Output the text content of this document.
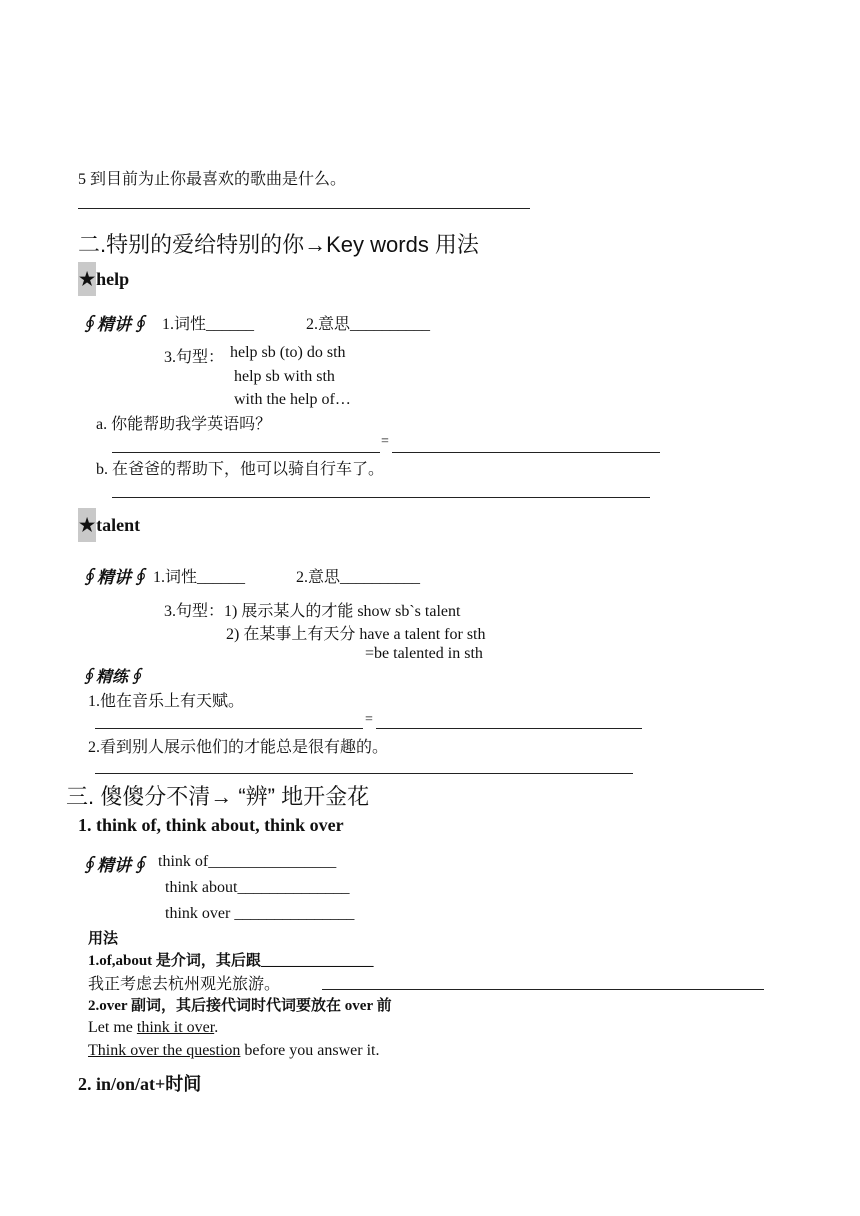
5 到目前为止你最喜欢的歌曲是什么。
二.特别的爱给特别的你→Key words 用法
★help
∮精讲∮ 1.词性______	2.意思__________
3.句型： help sb (to) do sth
help sb with sth
with the help of…
a. 你能帮助我学英语吗？
=
b. 在爸爸的帮助下，他可以骑自行车了。
★talent
∮精讲∮ 1.词性______	2.意思__________
3.句型：1) 展示某人的才能 show sb`s talent
2) 在某事上有天分 have a talent for sth
=be talented in sth
∮精练∮
1.他在音乐上有天赋。
=
2.看到别人展示他们的才能总是很有趣的。
三. 傻傻分不清→ “辨” 地开金花
1. think of, think about, think over
∮精讲∮ think of________________
think about______________
think over _______________
用法
1.of,about 是介词，其后跟_______________
我正考虑去杭州观光旅游。
2.over 副词，其后接代词时代词要放在 over 前
Let me think it over.
Think over the question before you answer it.
2. in/on/at+时间
